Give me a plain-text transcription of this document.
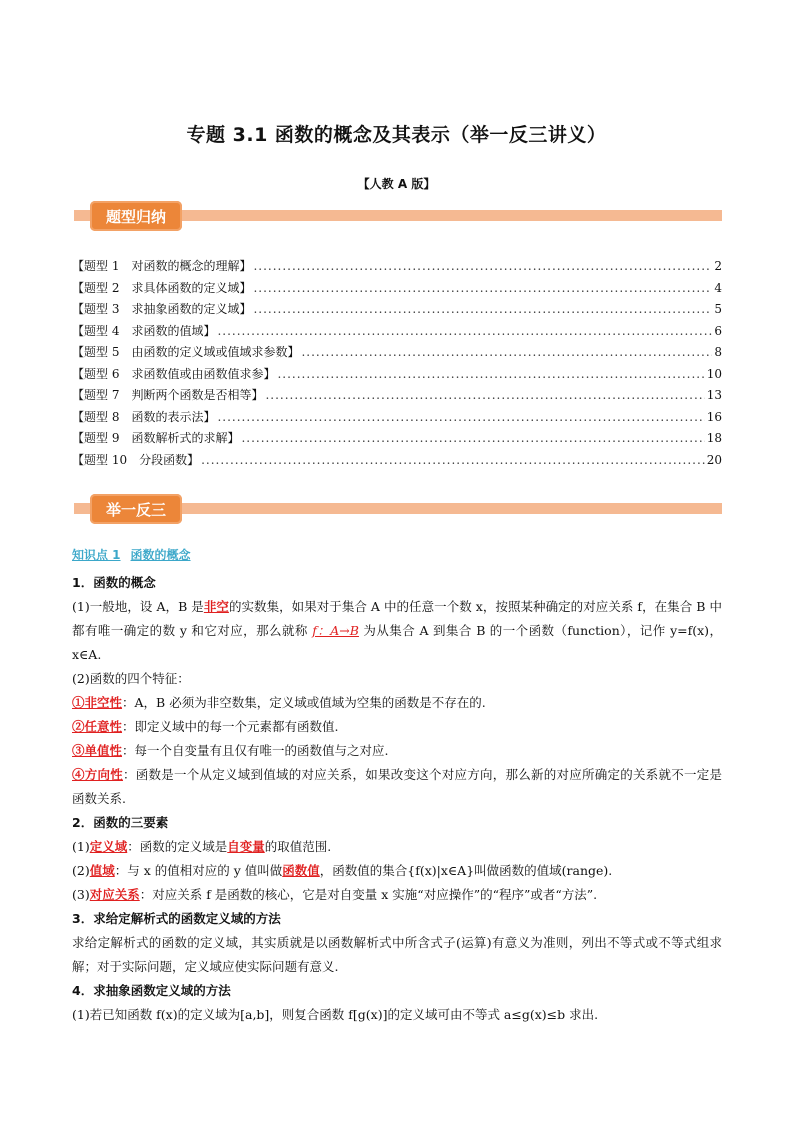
专题 3.1 函数的概念及其表示（举一反三讲义）
【人教 A 版】
题型归纳
【题型 1　对函数的概念的理解】 .....	2
【题型 2　求具体函数的定义域】 .....	4
【题型 3　求抽象函数的定义域】 .....	5
【题型 4　求函数的值域】 .....	6
【题型 5　由函数的定义域或值域求参数】 .....	8
【题型 6　求函数值或由函数值求参】 .....	10
【题型 7　判断两个函数是否相等】 .....	13
【题型 8　函数的表示法】 .....	16
【题型 9　函数解析式的求解】 .....	18
【题型 10　分段函数】 .....	20
举一反三
知识点 1 函数的概念
1．函数的概念
(1)一般地，设 A，B 是非空的实数集，如果对于集合 A 中的任意一个数 x，按照某种确定的对应关系 f，在集合 B 中都有唯一确定的数 y 和它对应，那么就称 f：A→B 为从集合 A 到集合 B 的一个函数（function），记作 y=f(x)，x∈A.
(2)函数的四个特征：
①非空性：A，B 必须为非空数集，定义域或值域为空集的函数是不存在的.
②任意性：即定义域中的每一个元素都有函数值.
③单值性：每一个自变量有且仅有唯一的函数值与之对应.
④方向性：函数是一个从定义域到值域的对应关系，如果改变这个对应方向，那么新的对应所确定的关系就不一定是函数关系.
2．函数的三要素
(1)定义域：函数的定义域是自变量的取值范围.
(2)值域：与 x 的值相对应的 y 值叫做函数值，函数值的集合{f(x)|x∈A}叫做函数的值域(range).
(3)对应关系：对应关系 f 是函数的核心，它是对自变量 x 实施“对应操作”的“程序”或者“方法”.
3．求给定解析式的函数定义域的方法
求给定解析式的函数的定义域，其实质就是以函数解析式中所含式子(运算)有意义为准则，列出不等式或不等式组求解；对于实际问题，定义域应使实际问题有意义.
4．求抽象函数定义域的方法
(1)若已知函数 f(x)的定义域为[a,b]，则复合函数 f[g(x)]的定义域可由不等式 a≤g(x)≤b 求出.
